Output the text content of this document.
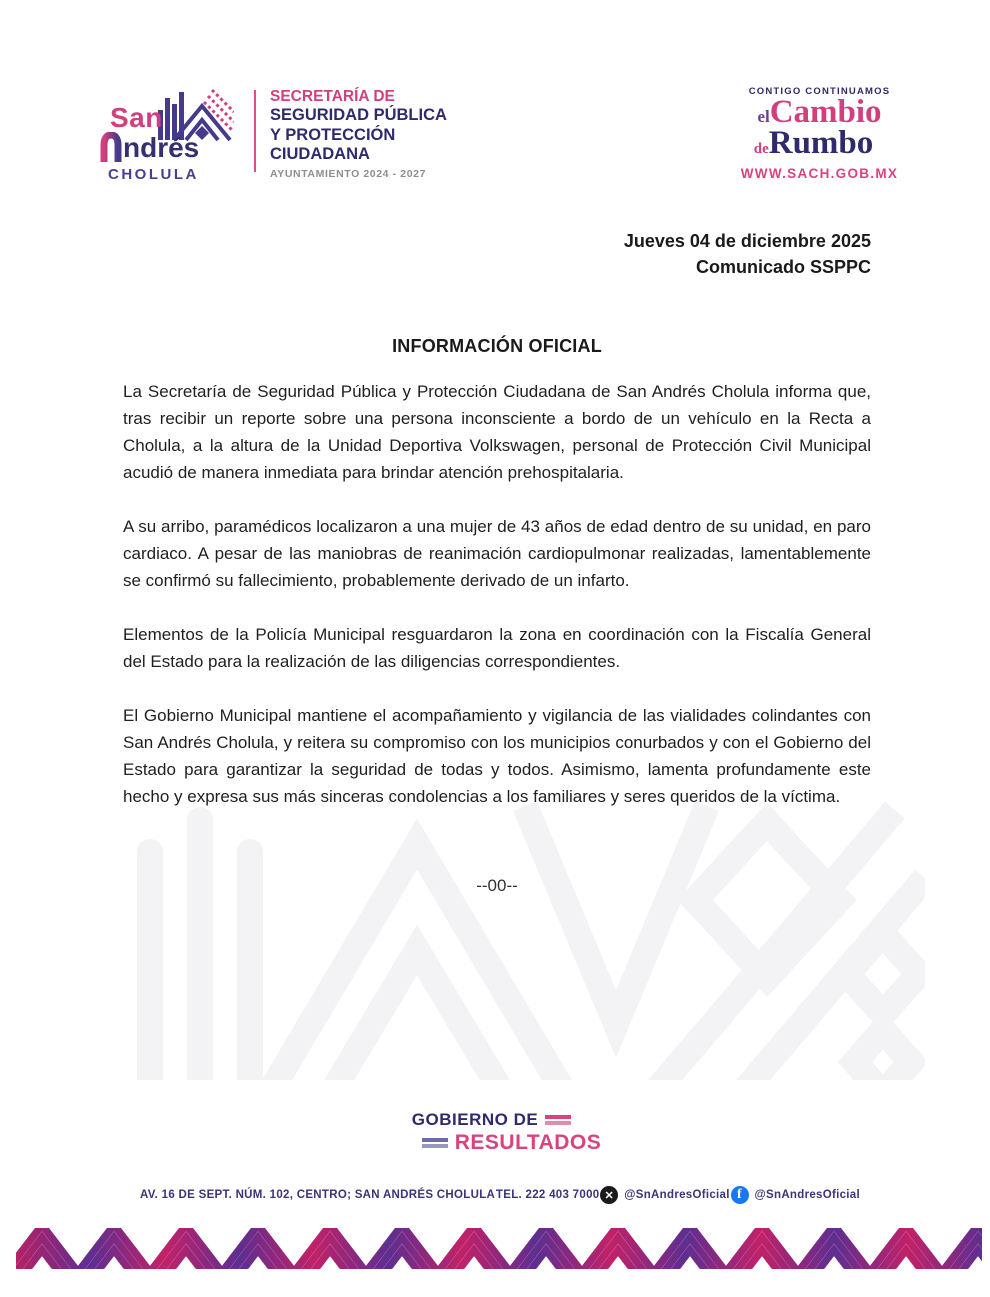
San
ndrés
CHOLULA
SECRETARÍA DE
SEGURIDAD PÚBLICA
Y PROTECCIÓN
CIUDADANA
AYUNTAMIENTO 2024 - 2027
CONTIGO CONTINUAMOS
elCambio
deRumbo
WWW.SACH.GOB.MX
Jueves 04 de diciembre 2025
Comunicado SSPPC
INFORMACIÓN OFICIAL

La Secretaría de Seguridad Pública y Protección Ciudadana de San Andrés Cholula informa que, tras recibir un reporte sobre una persona inconsciente a bordo de un vehículo en la Recta a Cholula, a la altura de la Unidad Deportiva Volkswagen, personal de Protección Civil Municipal acudió de manera inmediata para brindar atención prehospitalaria.

A su arribo, paramédicos localizaron a una mujer de 43 años de edad dentro de su unidad, en paro cardiaco. A pesar de las maniobras de reanimación cardiopulmonar realizadas, lamentablemente se confirmó su fallecimiento, probablemente derivado de un infarto.

Elementos de la Policía Municipal resguardaron la zona en coordinación con la Fiscalía General del Estado para la realización de las diligencias correspondientes.

El Gobierno Municipal mantiene el acompañamiento y vigilancia de las vialidades colindantes con San Andrés Cholula, y reitera su compromiso con los municipios conurbados y con el Gobierno del Estado para garantizar la seguridad de todas y todos. Asimismo, lamenta profundamente este hecho y expresa sus más sinceras condolencias a los familiares y seres queridos de la víctima.

--00--
GOBIERNO DE
RESULTADOS
AV. 16 DE SEPT. NÚM. 102, CENTRO; SAN ANDRÉS CHOLULA TEL. 222 403 7000 ✕ @SnAndresOficial f	@SnAndresOficial
